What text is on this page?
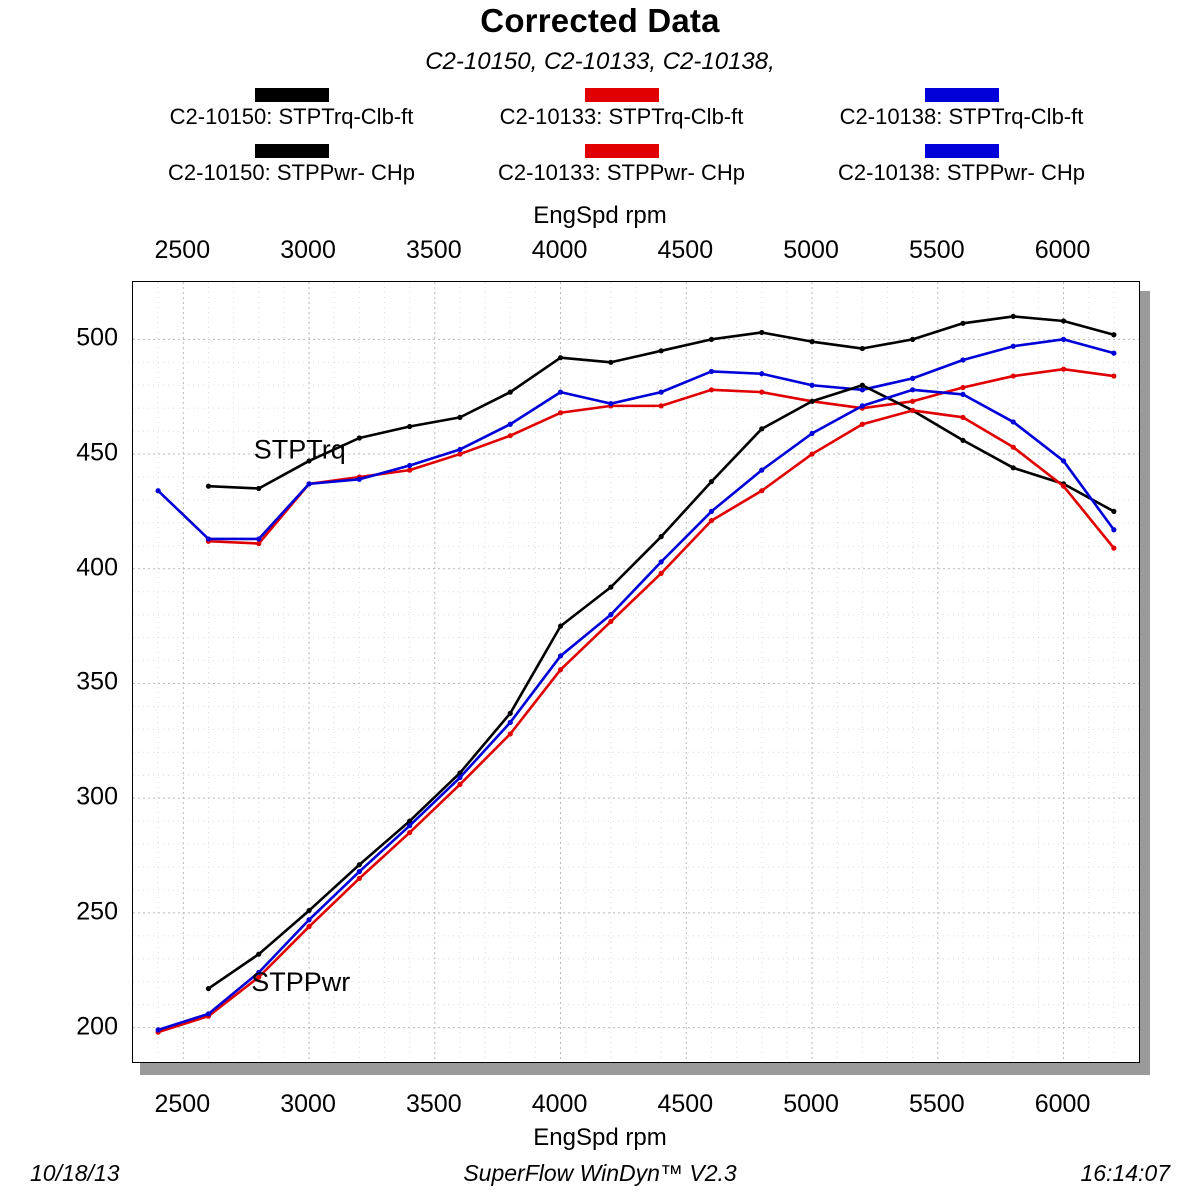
Corrected Data
C2-10150, C2-10133, C2-10138,
C2-10150: STPTrq-Clb-ft	C2-10133: STPTrq-Clb-ft	C2-10138: STPTrq-Clb-ft
C2-10150: STPPwr- CHp	C2-10133: STPPwr- CHp	C2-10138: STPPwr- CHp
EngSpd rpm
2500	3000	3500	4000	4500	5000	5500	6000
200
250
300
350
400
450
500
STPTrq
STPPwr
2500	3000	3500	4000	4500	5000	5500	6000
EngSpd rpm
10/18/13	SuperFlow WinDyn™ V2.3	16:14:07
